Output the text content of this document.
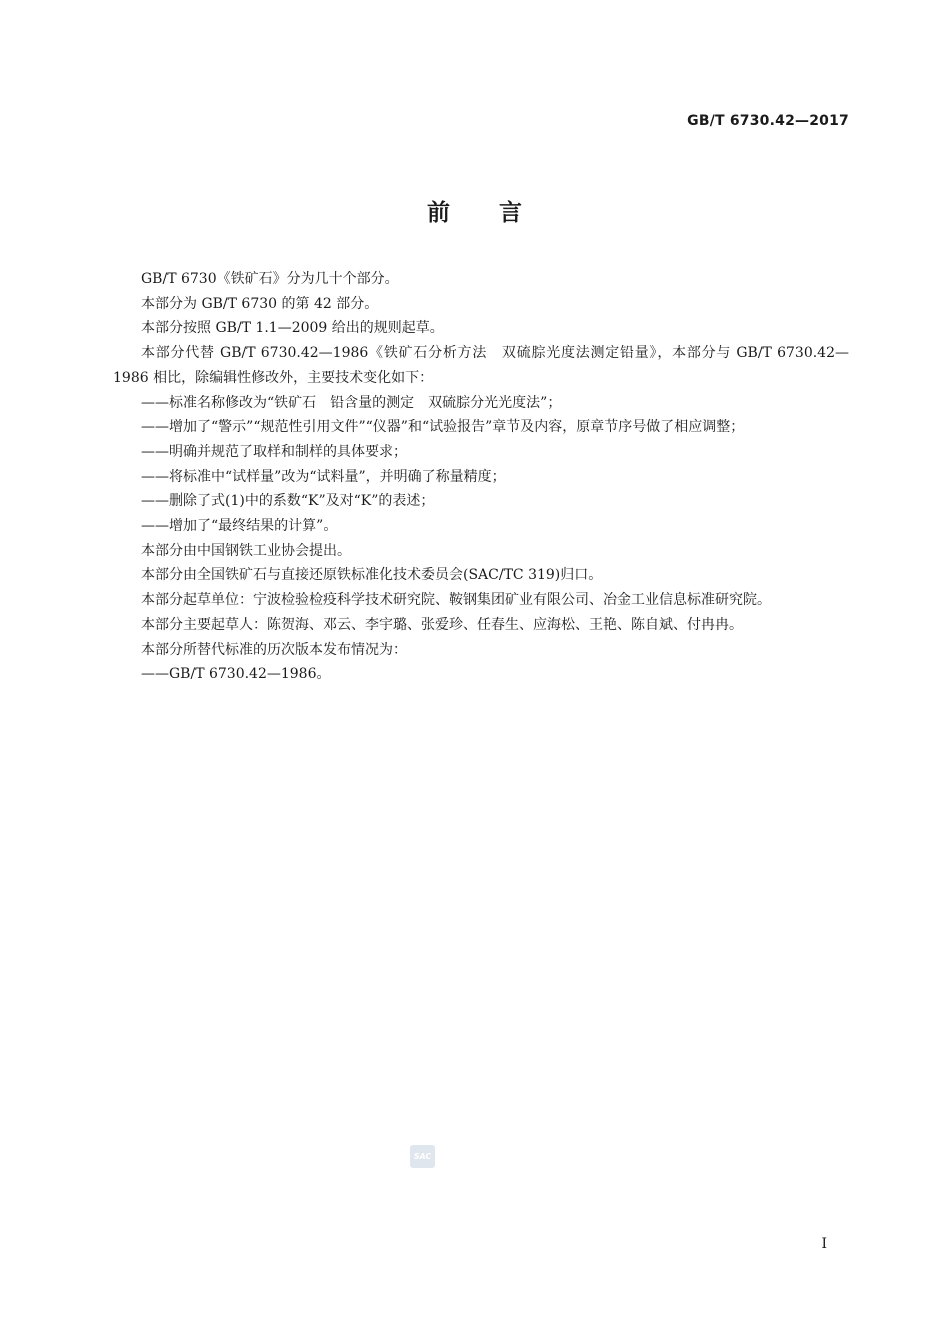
GB/T 6730.42—2017
前　　言

GB/T 6730《铁矿石》分为几十个部分。

本部分为 GB/T 6730 的第 42 部分。

本部分按照 GB/T 1.1—2009 给出的规则起草。

本部分代替 GB/T 6730.42—1986《铁矿石分析方法　双硫腙光度法测定铅量》，本部分与 GB/T 6730.42—1986 相比，除编辑性修改外，主要技术变化如下：

——标准名称修改为“铁矿石　铅含量的测定　双硫腙分光光度法”；

——增加了“警示”“规范性引用文件”“仪器”和“试验报告”章节及内容，原章节序号做了相应调整；

——明确并规范了取样和制样的具体要求；

——将标准中“试样量”改为“试料量”，并明确了称量精度；

——删除了式(1)中的系数“K”及对“K”的表述；

——增加了“最终结果的计算”。

本部分由中国钢铁工业协会提出。

本部分由全国铁矿石与直接还原铁标准化技术委员会(SAC/TC 319)归口。

本部分起草单位：宁波检验检疫科学技术研究院、鞍钢集团矿业有限公司、冶金工业信息标准研究院。

本部分主要起草人：陈贺海、邓云、李宇璐、张爱珍、任春生、应海松、王艳、陈自斌、付冉冉。

本部分所替代标准的历次版本发布情况为：

——GB/T 6730.42—1986。

SAC
I
